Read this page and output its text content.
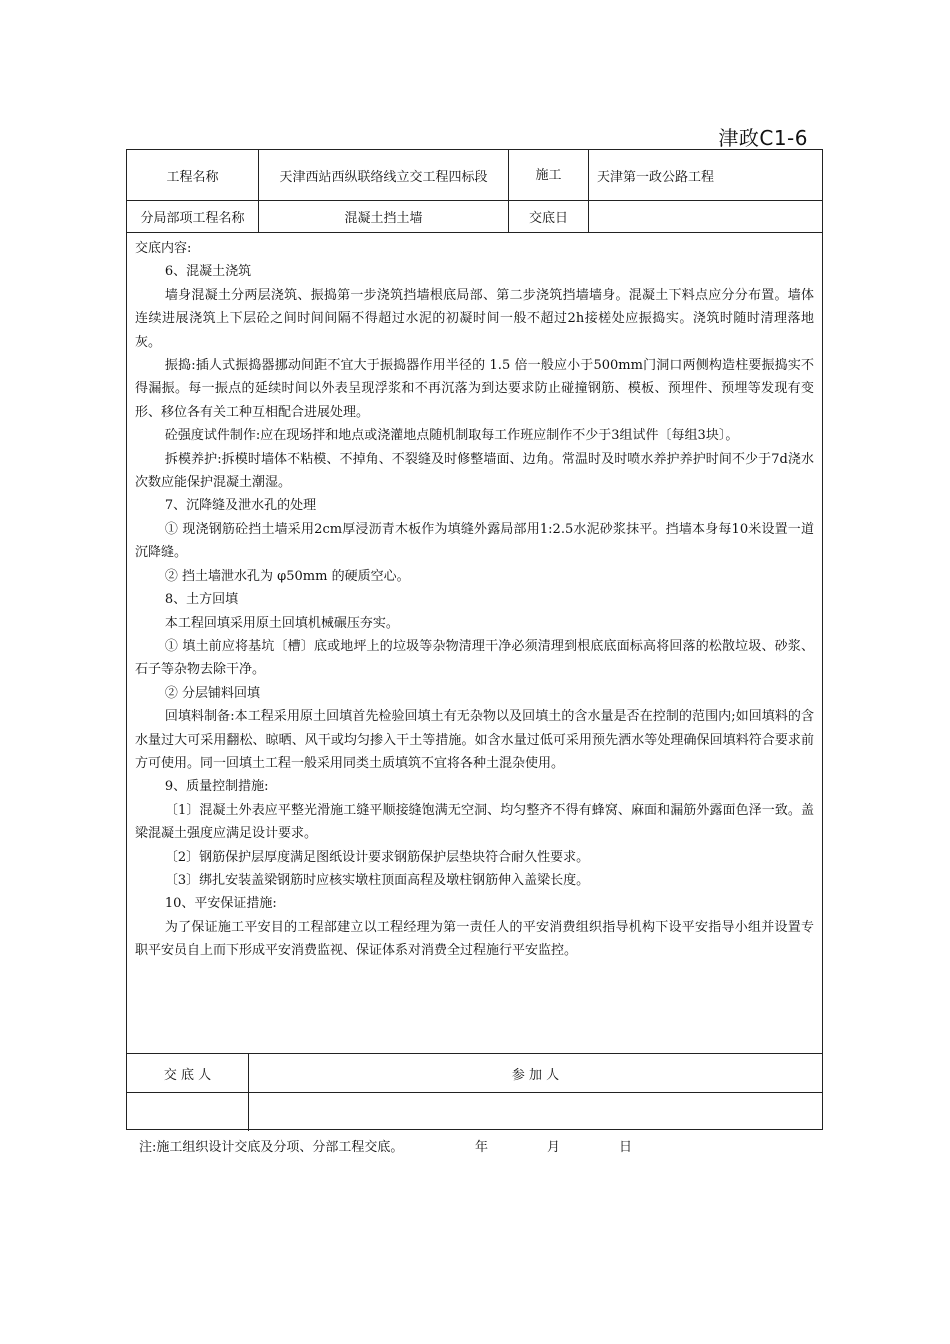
津政C1-6
工程名称	天津西站西纵联络线立交工程四标段	施工	天津第一政公路工程
分局部项工程名称	混凝土挡土墙	交底日

交底内容:

6、混凝土浇筑

墙身混凝土分两层浇筑、振捣第一步浇筑挡墙根底局部、第二步浇筑挡墙墙身。混凝土下料点应分分布置。墙体连续进展浇筑上下层砼之间时间间隔不得超过水泥的初凝时间一般不超过2h接槎处应振捣实。浇筑时随时清理落地灰。

振捣:插人式振捣器挪动间距不宜大于振捣器作用半径的 1.5 倍一般应小于500mm门洞口两侧构造柱要振捣实不得漏振。每一振点的延续时间以外表呈现浮浆和不再沉落为到达要求防止碰撞钢筋、模板、预埋件、预埋等发现有变形、移位各有关工种互相配合进展处理。

砼强度试件制作:应在现场拌和地点或浇灌地点随机制取每工作班应制作不少于3组试件〔每组3块〕。

拆模养护:拆模时墙体不粘模、不掉角、不裂缝及时修整墙面、边角。常温时及时喷水养护养护时间不少于7d浇水次数应能保护混凝土潮湿。

7、沉降缝及泄水孔的处理

① 现浇钢筋砼挡土墙采用2cm厚浸沥青木板作为填缝外露局部用1:2.5水泥砂浆抹平。挡墙本身每10米设置一道沉降缝。

② 挡土墙泄水孔为 φ50mm 的硬质空心。

8、土方回填

本工程回填采用原土回填机械碾压夯实。

① 填土前应将基坑〔槽〕底或地坪上的垃圾等杂物清理干净必须清理到根底底面标高将回落的松散垃圾、砂浆、石子等杂物去除干净。

② 分层铺料回填

回填料制备:本工程采用原土回填首先检验回填土有无杂物以及回填土的含水量是否在控制的范围内;如回填料的含水量过大可采用翻松、晾晒、风干或均匀掺入干土等措施。如含水量过低可采用预先洒水等处理确保回填料符合要求前方可使用。同一回填土工程一般采用同类土质填筑不宜将各种土混杂使用。

9、质量控制措施:

〔1〕混凝土外表应平整光滑施工缝平顺接缝饱满无空洞、均匀整齐不得有蜂窝、麻面和漏筋外露面色泽一致。盖梁混凝土强度应满足设计要求。

〔2〕钢筋保护层厚度满足图纸设计要求钢筋保护层垫块符合耐久性要求。

〔3〕绑扎安装盖梁钢筋时应核实墩柱顶面高程及墩柱钢筋伸入盖梁长度。

10、平安保证措施:

为了保证施工平安目的工程部建立以工程经理为第一责任人的平安消费组织指导机构下设平安指导小组并设置专职平安员自上而下形成平安消费监视、保证体系对消费全过程施行平安监控。

交 底 人	参 加 人
注:施工组织设计交底及分项、分部工程交底。	年	月	日
